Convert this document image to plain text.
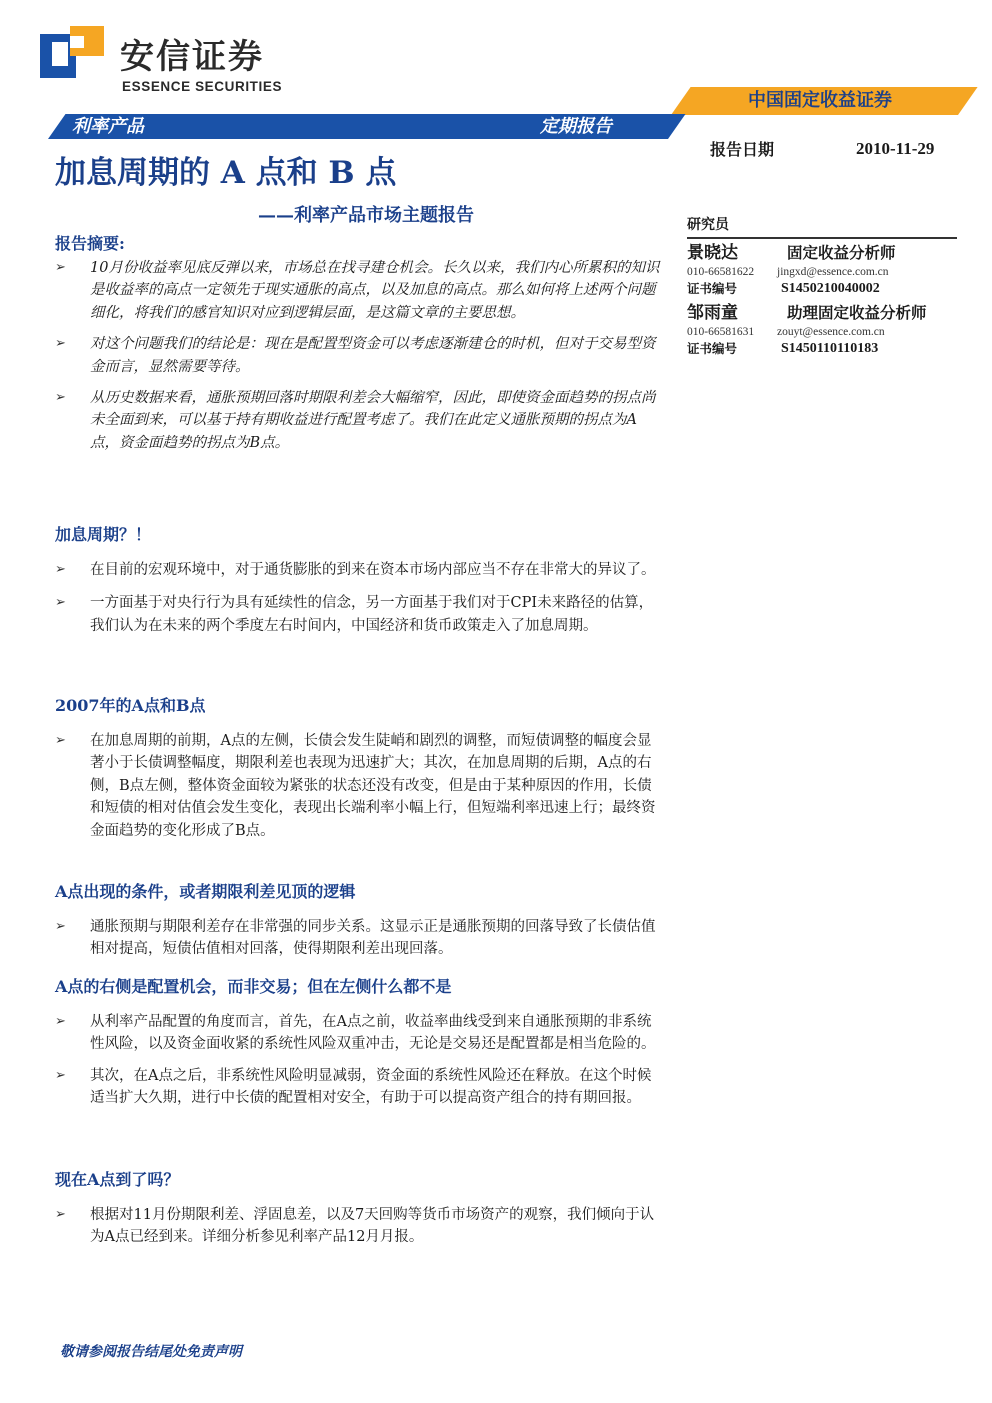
安信证券
ESSENCE SECURITIES
中国固定收益证券
利率产品	定期报告
报告日期	2010-11-29
加息周期的 A 点和 B 点
——利率产品市场主题报告	研究员
景晓达	固定收益分析师
010-66581622	jingxd@essence.com.cn
证书编号	S1450210040002
邹雨童	助理固定收益分析师
010-66581631	zouyt@essence.com.cn
证书编号	S1450110110183
报告摘要:
➢ 10月份收益率见底反弹以来，市场总在找寻建仓机会。长久以来，我们内心所累积的知识是收益率的高点一定领先于现实通胀的高点，以及加息的高点。那么如何将上述两个问题细化，将我们的感官知识对应到逻辑层面，是这篇文章的主要思想。
➢ 对这个问题我们的结论是：现在是配置型资金可以考虑逐渐建仓的时机，但对于交易型资金而言，显然需要等待。
➢ 从历史数据来看，通胀预期回落时期限利差会大幅缩窄，因此，即使资金面趋势的拐点尚未全面到来，可以基于持有期收益进行配置考虑了。我们在此定义通胀预期的拐点为A点，资金面趋势的拐点为B点。
加息周期？！
➢ 在目前的宏观环境中，对于通货膨胀的到来在资本市场内部应当不存在非常大的异议了。
➢ 一方面基于对央行行为具有延续性的信念，另一方面基于我们对于CPI未来路径的估算，我们认为在未来的两个季度左右时间内，中国经济和货币政策走入了加息周期。
2007年的A点和B点
➢ 在加息周期的前期，A点的左侧，长债会发生陡峭和剧烈的调整，而短债调整的幅度会显著小于长债调整幅度，期限利差也表现为迅速扩大；其次，在加息周期的后期，A点的右侧，B点左侧，整体资金面较为紧张的状态还没有改变，但是由于某种原因的作用，长债和短债的相对估值会发生变化，表现出长端利率小幅上行，但短端利率迅速上行；最终资金面趋势的变化形成了B点。
A点出现的条件，或者期限利差见顶的逻辑
➢ 通胀预期与期限利差存在非常强的同步关系。这显示正是通胀预期的回落导致了长债估值相对提高，短债估值相对回落，使得期限利差出现回落。
A点的右侧是配置机会，而非交易；但在左侧什么都不是
➢ 从利率产品配置的角度而言，首先，在A点之前，收益率曲线受到来自通胀预期的非系统性风险，以及资金面收紧的系统性风险双重冲击，无论是交易还是配置都是相当危险的。
➢ 其次，在A点之后，非系统性风险明显减弱，资金面的系统性风险还在释放。在这个时候适当扩大久期，进行中长债的配置相对安全，有助于可以提高资产组合的持有期回报。
现在A点到了吗？
➢ 根据对11月份期限利差、浮固息差，以及7天回购等货币市场资产的观察，我们倾向于认为A点已经到来。详细分析参见利率产品12月月报。
敬请参阅报告结尾处免责声明
